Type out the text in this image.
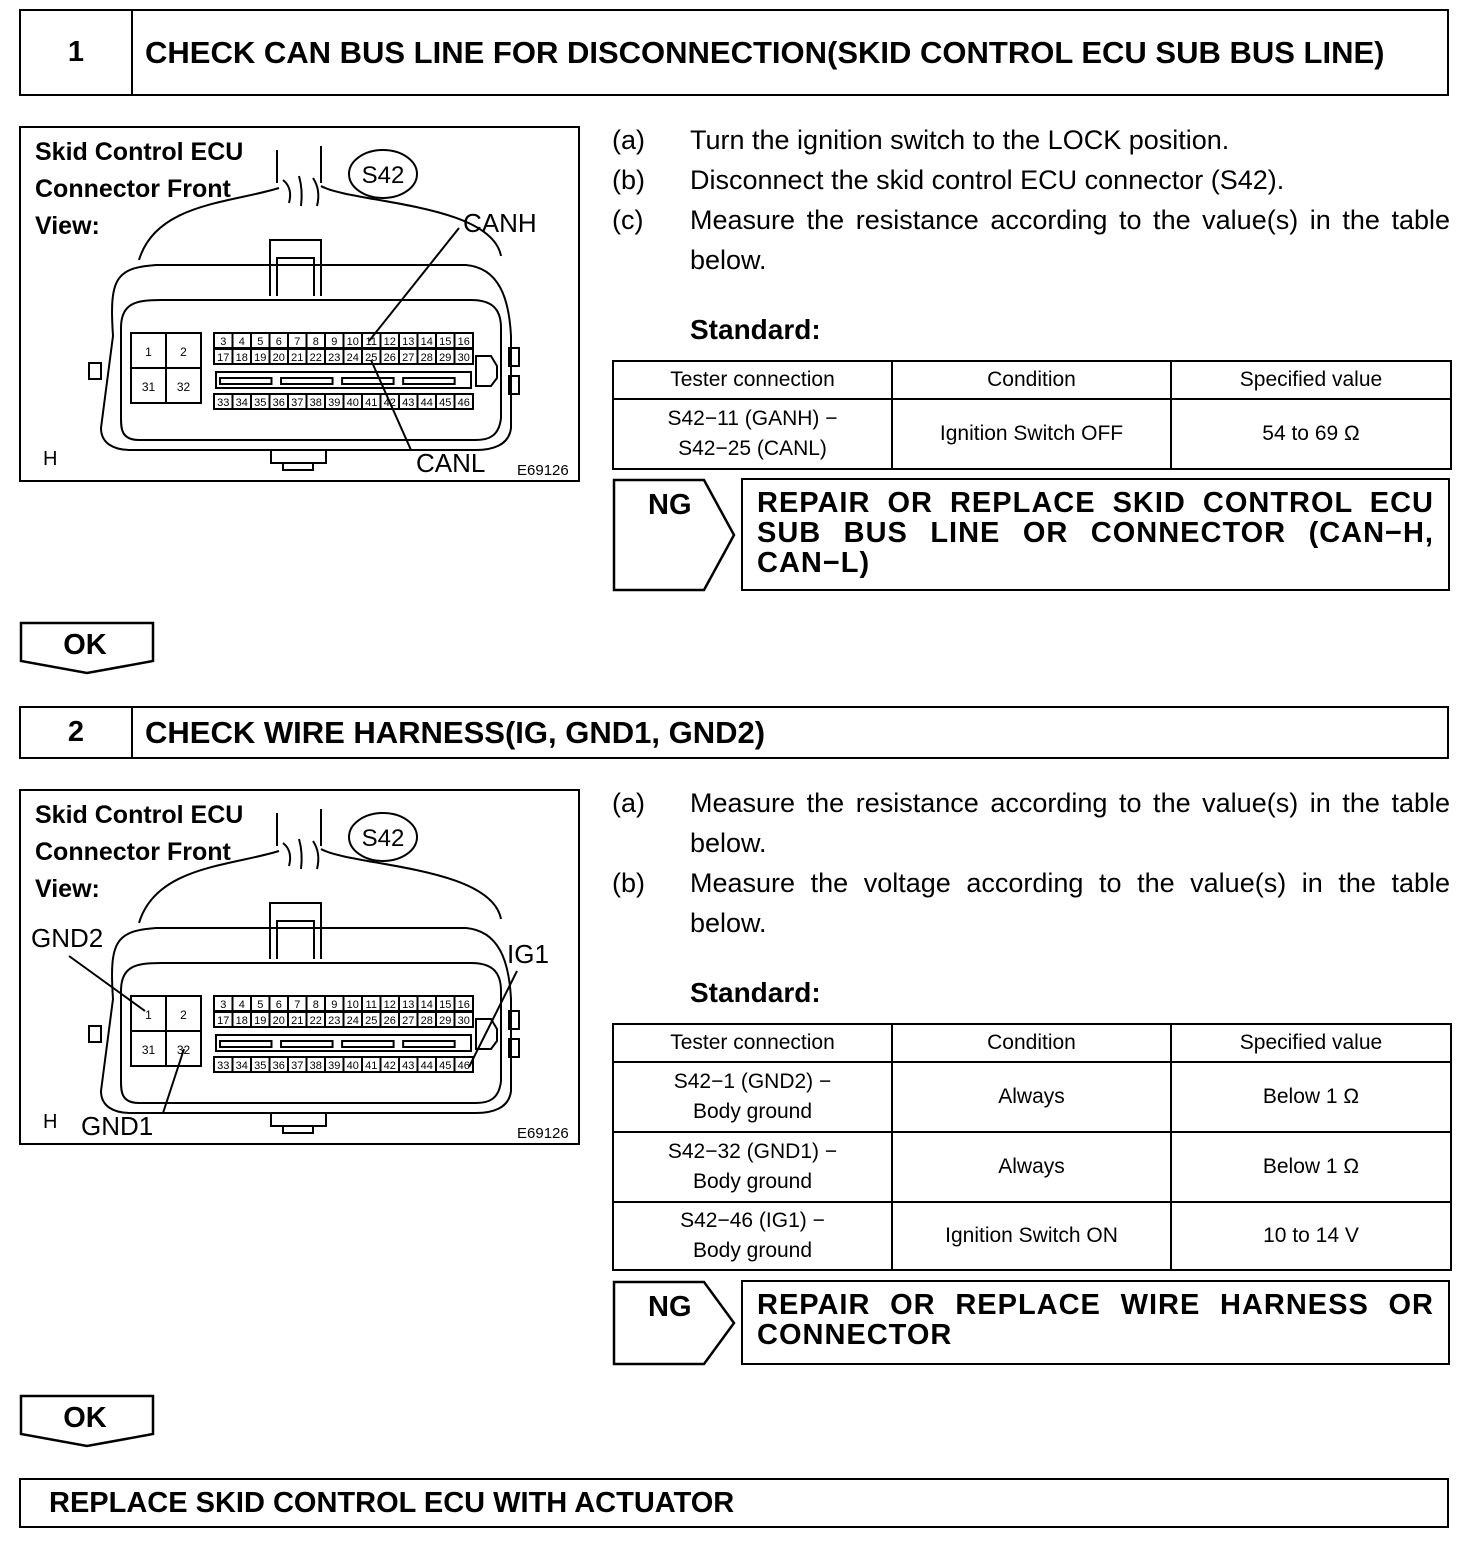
1	CHECK CAN BUS LINE FOR DISCONNECTION(SKID CONTROL ECU SUB BUS LINE)
Skid Control ECU
Connector Front
View:
S42
1 2
31 32
3 4 5 6 7 8 9 10 11 12 13 14 15 16
17 18 19 20 21 22 23 24 25 26 27 28 29 30
33 34 35 36 37 38 39 40 41 42 43 44 45 46
H
E69126
CANH
CANL
(a)	Turn the ignition switch to the LOCK position.
(b)	Disconnect the skid control ECU connector (S42).
(c)	Measure the resistance according to the value(s) in the table below.
Standard:
Tester connection	Condition	Specified value

S42−11 (GANH) −
S42−25 (CANL)	Ignition Switch OFF	54 to 69 Ω
NG	REPAIR OR REPLACE SKID CONTROL ECU SUB BUS LINE OR CONNECTOR (CAN−H, CAN−L)
OK
2	CHECK WIRE HARNESS(IG, GND1, GND2)
Skid Control ECU
Connector Front
View:
S42
1 2
31 32
3 4 5 6 7 8 9 10 11 12 13 14 15 16
17 18 19 20 21 22 23 24 25 26 27 28 29 30
33 34 35 36 37 38 39 40 41 42 43 44 45 46
H
E69126
GND2
IG1
GND1
(a)	Measure the resistance according to the value(s) in the table below.
(b)	Measure the voltage according to the value(s) in the table below.
Standard:
Tester connection	Condition	Specified value

S42−1 (GND2) −
Body ground	Always	Below 1 Ω

S42−32 (GND1) −
Body ground	Always	Below 1 Ω

S42−46 (IG1) −
Body ground	Ignition Switch ON	10 to 14 V
NG	REPAIR OR REPLACE WIRE HARNESS OR CONNECTOR
OK
REPLACE SKID CONTROL ECU WITH ACTUATOR
